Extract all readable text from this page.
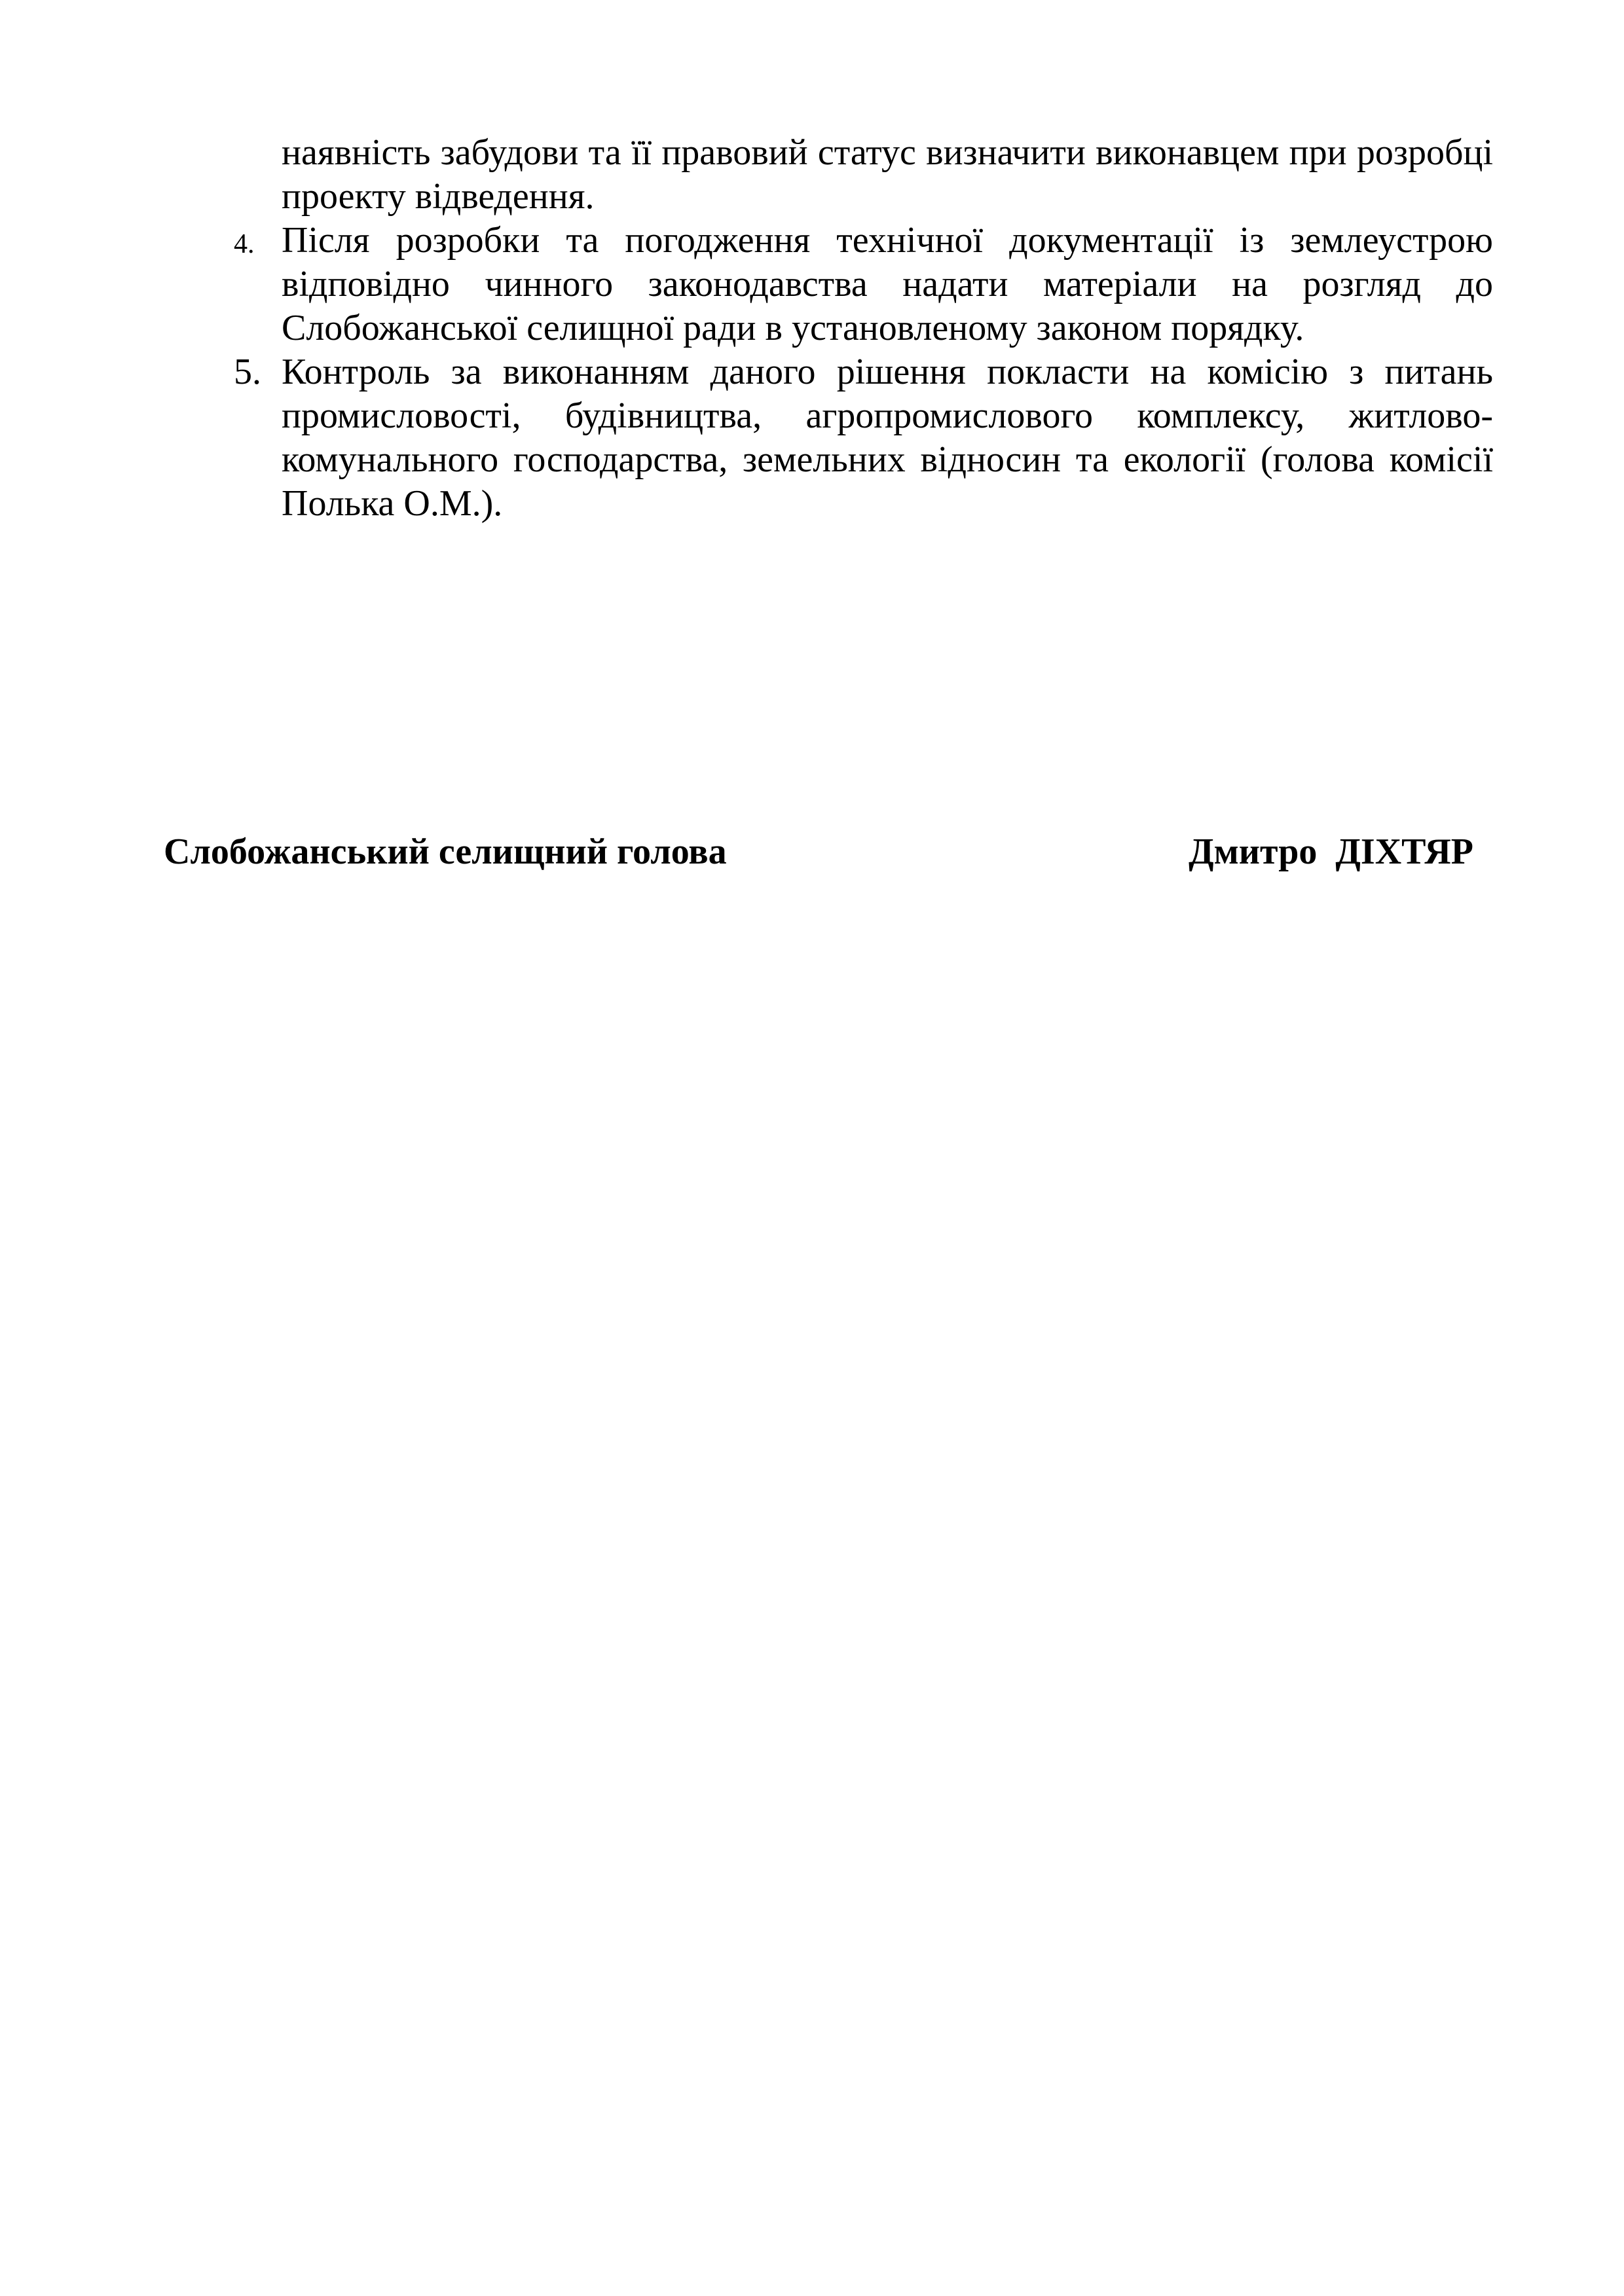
наявність забудови та її правовий статус визначити виконавцем при розробці проекту відведення.

4. Після розробки та погодження технічної документації із землеустрою відповідно чинного законодавства надати матеріали на розгляд до Слобожанської селищної ради в установленому законом порядку.
5. Контроль за виконанням даного рішення покласти на комісію з питань промисловості, будівництва, агропромислового комплексу, житлово-комунального господарства, земельних відносин та екології (голова комісії Полька О.М.).
Слобожанський селищний голова	Дмитро  ДІХТЯР
